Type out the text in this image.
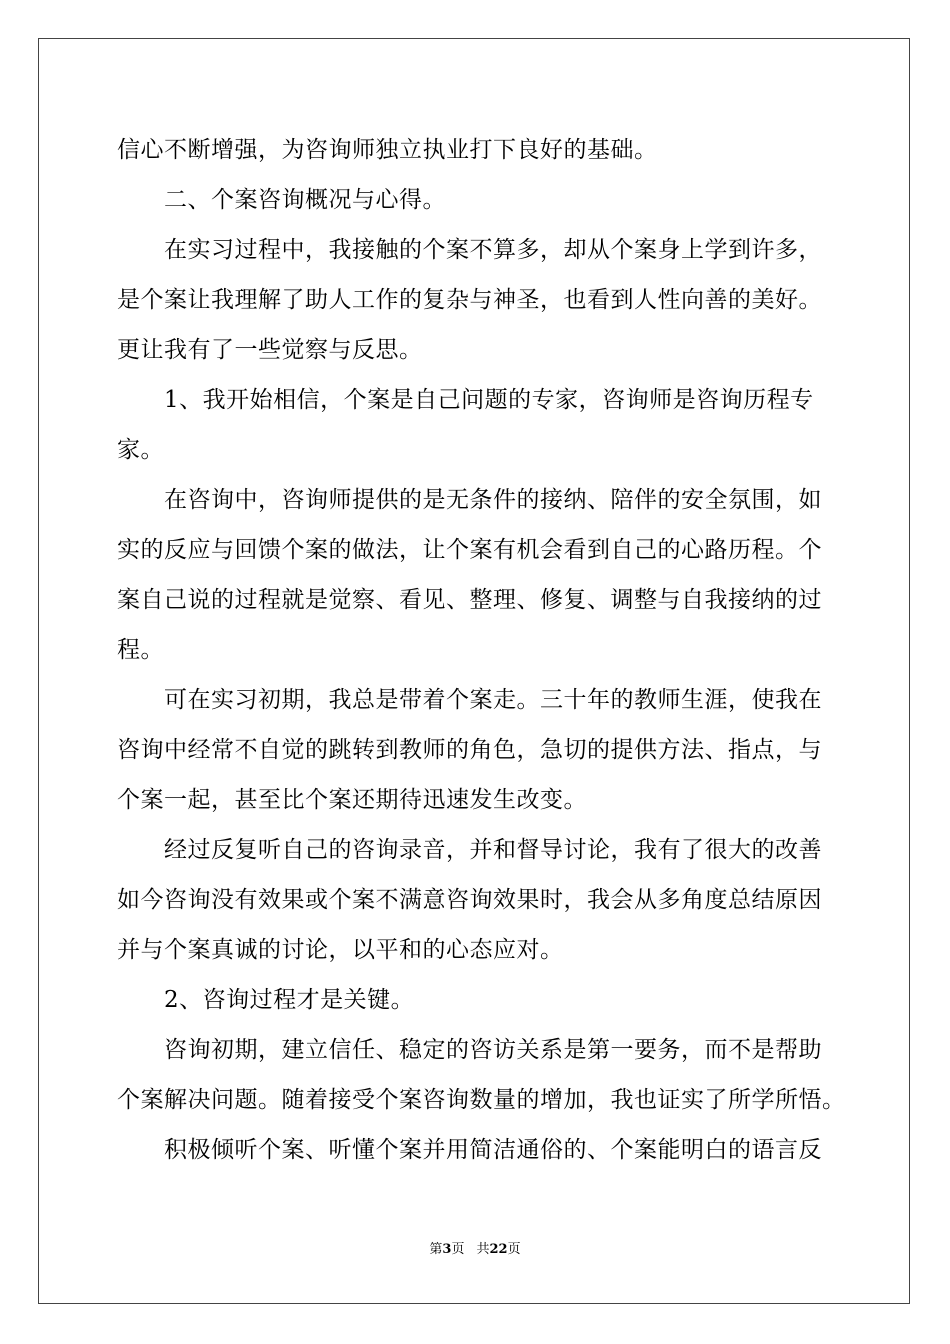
信心不断增强，为咨询师独立执业打下良好的基础。
　　二、个案咨询概况与心得。
　　在实习过程中，我接触的个案不算多，却从个案身上学到许多，
是个案让我理解了助人工作的复杂与神圣，也看到人性向善的美好。
更让我有了一些觉察与反思。
　　1、我开始相信，个案是自己问题的专家，咨询师是咨询历程专
家。
　　在咨询中，咨询师提供的是无条件的接纳、陪伴的安全氛围，如
实的反应与回馈个案的做法，让个案有机会看到自己的心路历程。个
案自己说的过程就是觉察、看见、整理、修复、调整与自我接纳的过
程。
　　可在实习初期，我总是带着个案走。三十年的教师生涯，使我在
咨询中经常不自觉的跳转到教师的角色，急切的提供方法、指点，与
个案一起，甚至比个案还期待迅速发生改变。
　　经过反复听自己的咨询录音，并和督导讨论，我有了很大的改善
如今咨询没有效果或个案不满意咨询效果时，我会从多角度总结原因
并与个案真诚的讨论，以平和的心态应对。
　　2、咨询过程才是关键。
　　咨询初期，建立信任、稳定的咨访关系是第一要务，而不是帮助
个案解决问题。随着接受个案咨询数量的增加，我也证实了所学所悟。
　　积极倾听个案、听懂个案并用简洁通俗的、个案能明白的语言反
第3页 共22页
